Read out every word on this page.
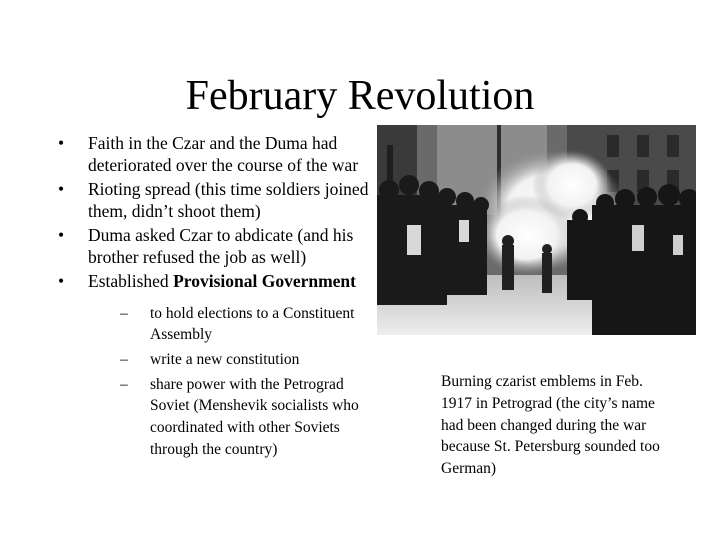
February Revolution
• Faith in the Czar and the Duma had deteriorated over the course of the war
• Rioting spread (this time soldiers joined them, didn’t shoot them)
• Duma asked Czar to abdicate (and his brother refused the job as well)
• Established Provisional Government
– to hold elections to a Constituent Assembly
– write a new constitution
– share power with the Petrograd Soviet (Menshevik socialists who coordinated with other Soviets through the country)
Burning czarist emblems in Feb. 1917 in Petrograd (the city’s name had been changed during the war because St. Petersburg sounded too German)
